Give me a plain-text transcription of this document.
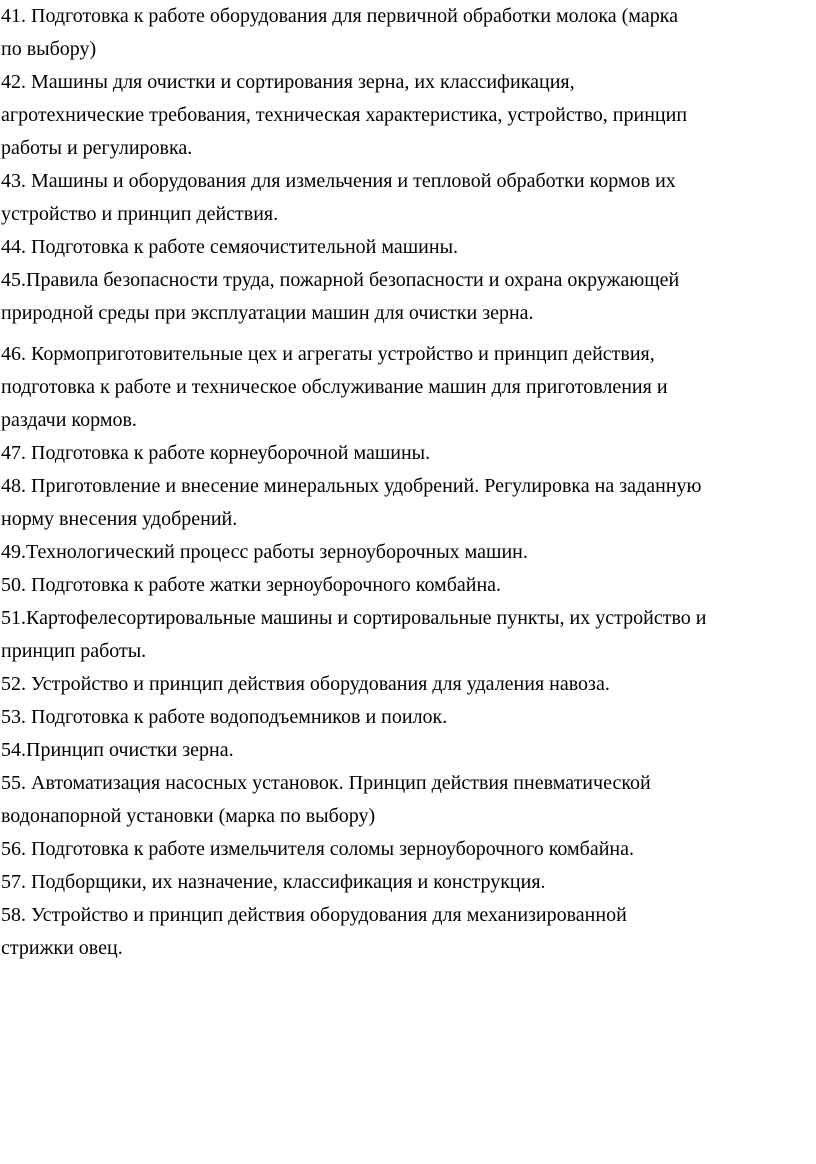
41. Подготовка к работе оборудования для первичной обработки молока (марка
по выбору)
42. Машины для очистки и сортирования зерна, их классификация,
агротехнические требования, техническая характеристика, устройство, принцип
работы и регулировка.
43. Машины и оборудования для измельчения и тепловой обработки кормов их
устройство и принцип действия.
44. Подготовка к работе семяочистительной машины.
45.Правила безопасности труда, пожарной безопасности и охрана окружающей
природной среды при эксплуатации машин для очистки зерна.
46. Кормоприготовительные цех и агрегаты устройство и принцип действия,
подготовка к работе и техническое обслуживание машин для приготовления и
раздачи кормов.
47. Подготовка к работе корнеуборочной машины.
48. Приготовление и внесение минеральных удобрений. Регулировка на заданную
норму внесения удобрений.
49.Технологический процесс работы зерноуборочных машин.
50. Подготовка к работе жатки зерноуборочного комбайна.
51.Картофелесортировальные машины и сортировальные пункты, их устройство и
принцип работы.
52. Устройство и принцип действия оборудования для удаления навоза.
53. Подготовка к работе водоподъемников и поилок.
54.Принцип очистки зерна.
55. Автоматизация насосных установок. Принцип действия пневматической
водонапорной установки (марка по выбору)
56. Подготовка к работе измельчителя соломы зерноуборочного комбайна.
57. Подборщики, их назначение, классификация и конструкция.
58. Устройство и принцип действия оборудования для механизированной
стрижки овец.
